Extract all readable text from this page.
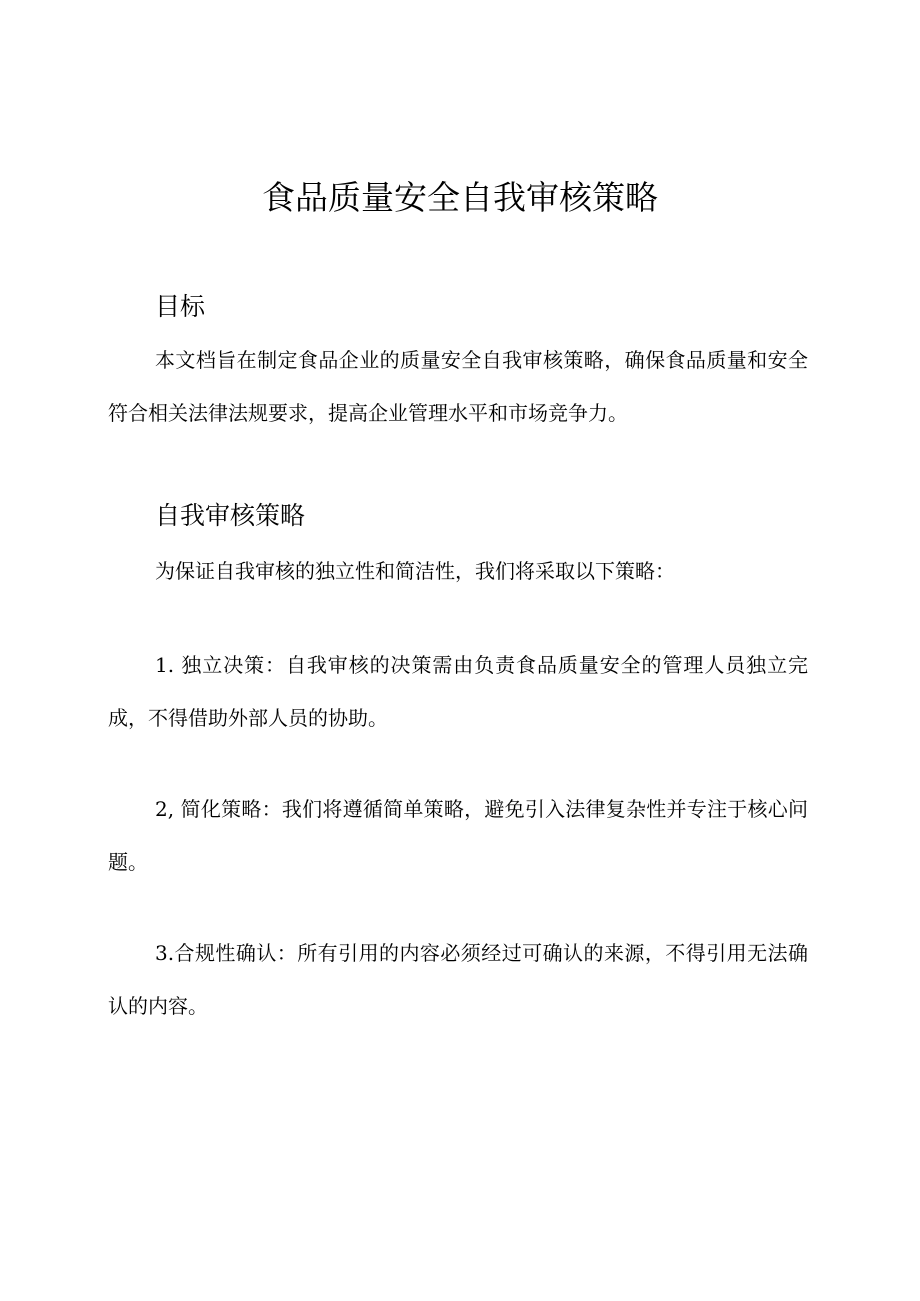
食品质量安全自我审核策略
目标

本文档旨在制定食品企业的质量安全自我审核策略，确保食品质量和安全符合相关法律法规要求，提高企业管理水平和市场竞争力。

自我审核策略

为保证自我审核的独立性和简洁性，我们将采取以下策略：

1. 独立决策：自我审核的决策需由负责食品质量安全的管理人员独立完成，不得借助外部人员的协助。

2, 简化策略：我们将遵循简单策略，避免引入法律复杂性并专注于核心问题。

3.合规性确认：所有引用的内容必须经过可确认的来源，不得引用无法确认的内容。
